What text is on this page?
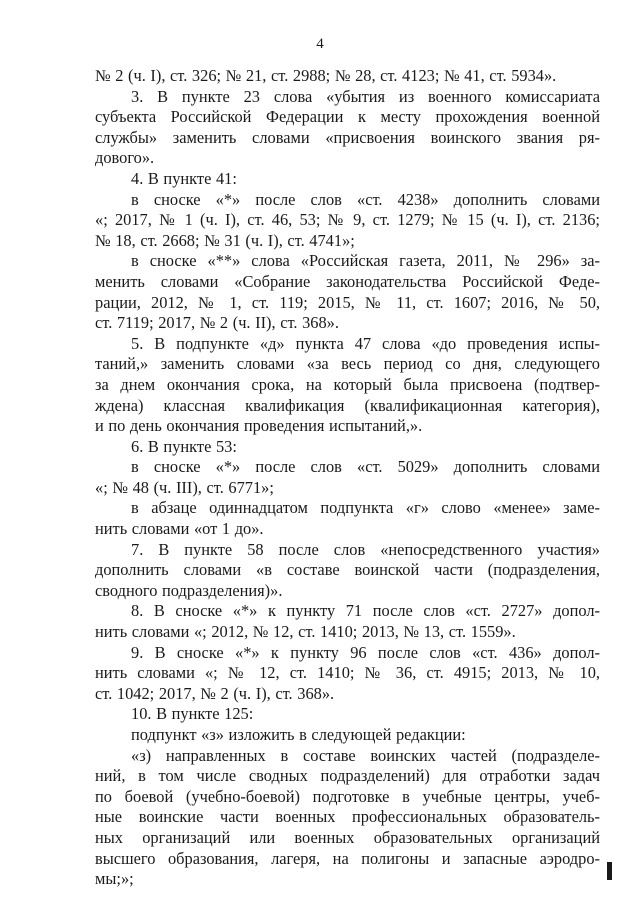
4
№ 2 (ч. I), ст. 326; № 21, ст. 2988; № 28, ст. 4123; № 41, ст. 5934».
3. В пункте 23 слова «убытия из военного комиссариата
субъекта Российской Федерации к месту прохождения военной
службы» заменить словами «присвоения воинского звания ря-
дового».
4. В пункте 41:
в сноске «*» после слов «ст. 4238» дополнить словами
«; 2017, № 1 (ч. I), ст. 46, 53; № 9, ст. 1279; № 15 (ч. I), ст. 2136;
№ 18, ст. 2668; № 31 (ч. I), ст. 4741»;
в сноске «**» слова «Российская газета, 2011, № 296» за-
менить словами «Собрание законодательства Российской Феде-
рации, 2012, № 1, ст. 119; 2015, № 11, ст. 1607; 2016, № 50,
ст. 7119; 2017, № 2 (ч. II), ст. 368».
5. В подпункте «д» пункта 47 слова «до проведения испы-
таний,» заменить словами «за весь период со дня, следующего
за днем окончания срока, на который была присвоена (подтвер-
ждена) классная квалификация (квалификационная категория),
и по день окончания проведения испытаний,».
6. В пункте 53:
в сноске «*» после слов «ст. 5029» дополнить словами
«; № 48 (ч. III), ст. 6771»;
в абзаце одиннадцатом подпункта «г» слово «менее» заме-
нить словами «от 1 до».
7. В пункте 58 после слов «непосредственного участия»
дополнить словами «в составе воинской части (подразделения,
сводного подразделения)».
8. В сноске «*» к пункту 71 после слов «ст. 2727» допол-
нить словами «; 2012, № 12, ст. 1410; 2013, № 13, ст. 1559».
9. В сноске «*» к пункту 96 после слов «ст. 436» допол-
нить словами «; № 12, ст. 1410; № 36, ст. 4915; 2013, № 10,
ст. 1042; 2017, № 2 (ч. I), ст. 368».
10. В пункте 125:
подпункт «з» изложить в следующей редакции:
«з) направленных в составе воинских частей (подразделе-
ний, в том числе сводных подразделений) для отработки задач
по боевой (учебно-боевой) подготовке в учебные центры, учеб-
ные воинские части военных профессиональных образователь-
ных организаций или военных образовательных организаций
высшего образования, лагеря, на полигоны и запасные аэродро-
мы;»;
